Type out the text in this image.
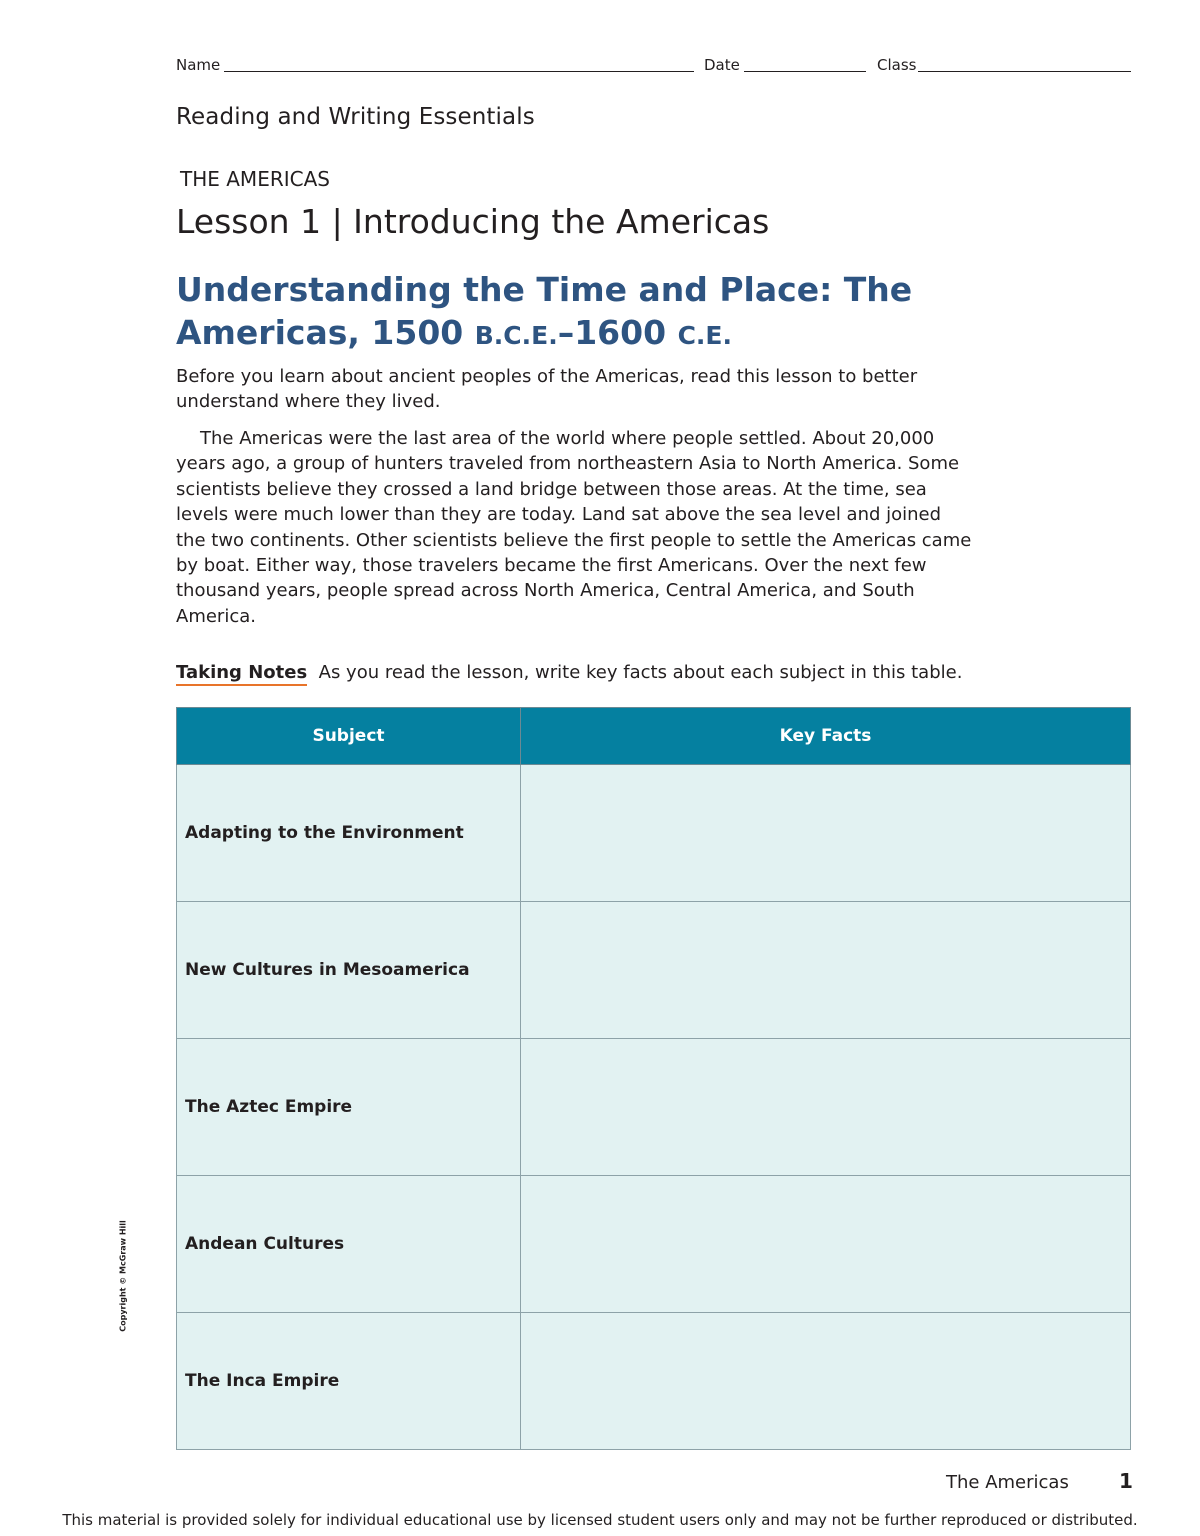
Name	Date	Class
Reading and Writing Essentials
THE AMERICAS
Lesson 1 | Introducing the Americas
Understanding the Time and Place: The Americas, 1500 B.C.E.–1600 C.E.

Before you learn about ancient peoples of the Americas, read this lesson to better understand where they lived.

The Americas were the last area of the world where people settled. About 20,000 years ago, a group of hunters traveled from northeastern Asia to North America. Some scientists believe they crossed a land bridge between those areas. At the time, sea levels were much lower than they are today. Land sat above the sea level and joined the two continents. Other scientists believe the first people to settle the Americas came by boat. Either way, those travelers became the first Americans. Over the next few thousand years, people spread across North America, Central America, and South America.

Taking Notes As you read the lesson, write key facts about each subject in this table.
Subject	Key Facts
Adapting to the Environment	
New Cultures in Mesoamerica	
The Aztec Empire	
Andean Cultures	
The Inca Empire	
Copyright © McGraw Hill
The Americas	1
This material is provided solely for individual educational use by licensed student users only and may not be further reproduced or distributed.
